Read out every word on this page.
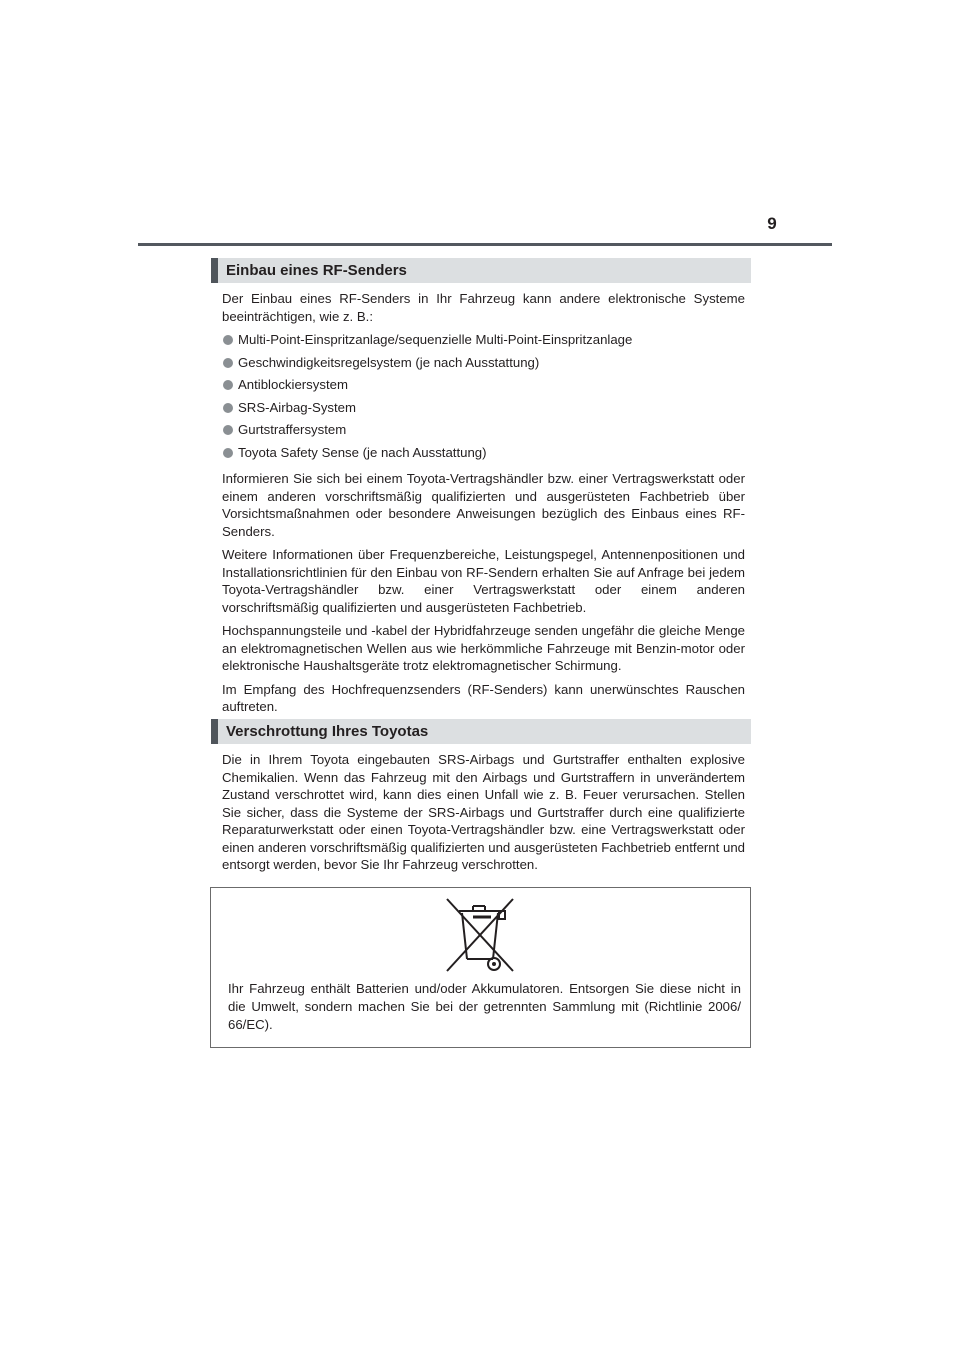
9
Einbau eines RF-Senders

Der Einbau eines RF-Senders in Ihr Fahrzeug kann andere elektronische Systeme beeinträchtigen, wie z. B.:

Multi-Point-Einspritzanlage/sequenzielle Multi-Point-Einspritzanlage
Geschwindigkeitsregelsystem (je nach Ausstattung)
Antiblockiersystem
SRS-Airbag-System
Gurtstraffersystem
Toyota Safety Sense (je nach Ausstattung)

Informieren Sie sich bei einem Toyota-Vertragshändler bzw. einer Vertragswerkstatt oder einem anderen vorschriftsmäßig qualifizierten und ausgerüsteten Fachbetrieb über Vorsichtsmaßnahmen oder besondere Anweisungen bezüglich des Einbaus eines RF-Senders.

Weitere Informationen über Frequenzbereiche, Leistungspegel, Antennenpositionen und Installationsrichtlinien für den Einbau von RF-Sendern erhalten Sie auf Anfrage bei jedem Toyota-Vertragshändler bzw. einer Vertragswerkstatt oder einem anderen vorschriftsmäßig qualifizierten und ausgerüsteten Fachbetrieb.

Hochspannungsteile und -kabel der Hybridfahrzeuge senden ungefähr die gleiche Menge an elektromagnetischen Wellen aus wie herkömmliche Fahrzeuge mit Benzin-motor oder elektronische Haushaltsgeräte trotz elektromagnetischer Schirmung.

Im Empfang des Hochfrequenzsenders (RF-Senders) kann unerwünschtes Rauschen auftreten.

Verschrottung Ihres Toyotas

Die in Ihrem Toyota eingebauten SRS-Airbags und Gurtstraffer enthalten explosive Chemikalien. Wenn das Fahrzeug mit den Airbags und Gurtstraffern in unverändertem Zustand verschrottet wird, kann dies einen Unfall wie z. B. Feuer verursachen. Stellen Sie sicher, dass die Systeme der SRS-Airbags und Gurtstraffer durch eine qualifizierte Reparaturwerkstatt oder einen Toyota-Vertragshändler bzw. eine Vertragswerkstatt oder einen anderen vorschriftsmäßig qualifizierten und ausgerüsteten Fachbetrieb entfernt und entsorgt werden, bevor Sie Ihr Fahrzeug verschrotten.

Ihr Fahrzeug enthält Batterien und/oder Akkumulatoren. Entsorgen Sie diese nicht in die Umwelt, sondern machen Sie bei der getrennten Sammlung mit (Richtlinie 2006/ 66/EC).
